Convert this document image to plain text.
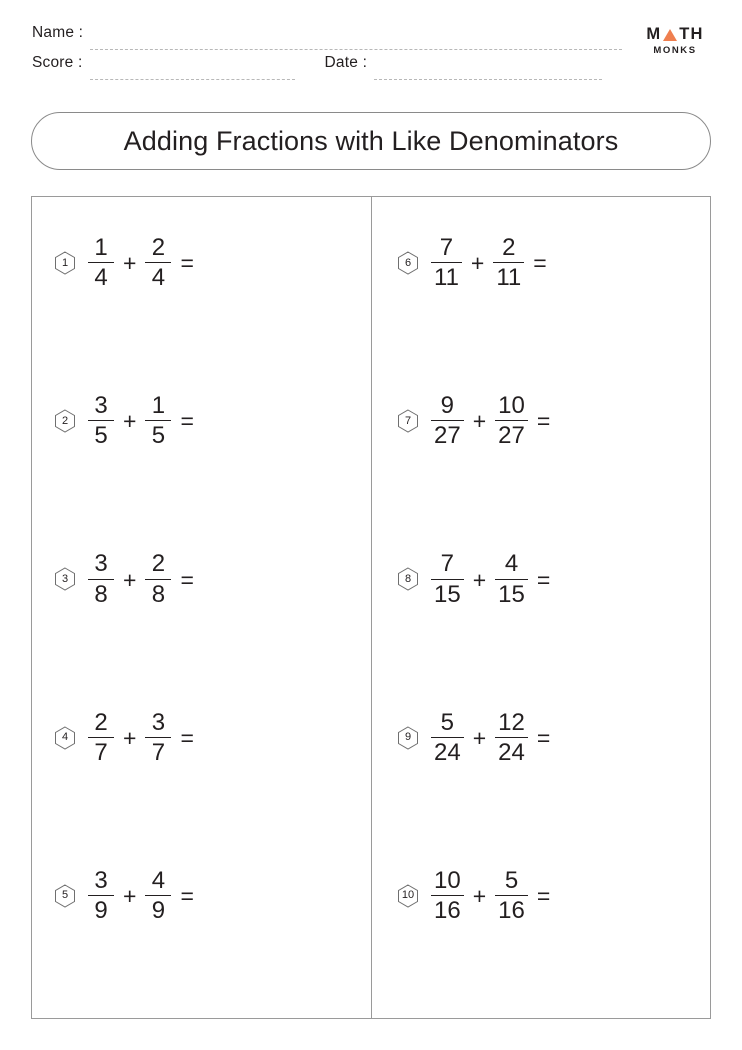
Name :
Score :	Date :
M TH
MONKS
Adding Fractions with Like Denominators
$1 \frac{1}{4} + \frac{2}{4}$ =
$2 \frac{3}{5} + \frac{1}{5}$ =
$3 \frac{3}{8} + \frac{2}{8}$ =
$4 \frac{2}{7} + \frac{3}{7}$ =
$5 \frac{3}{9} + \frac{4}{9}$ =
$6 \frac{7}{11} + \frac{2}{11}$ =
$7 \frac{9}{27} + \frac{10}{27}$ =
$8 \frac{7}{15} + \frac{4}{15}$ =
$9 \frac{5}{24} + \frac{12}{24}$ =
$10 \frac{10}{16} + \frac{5}{16}$ =
